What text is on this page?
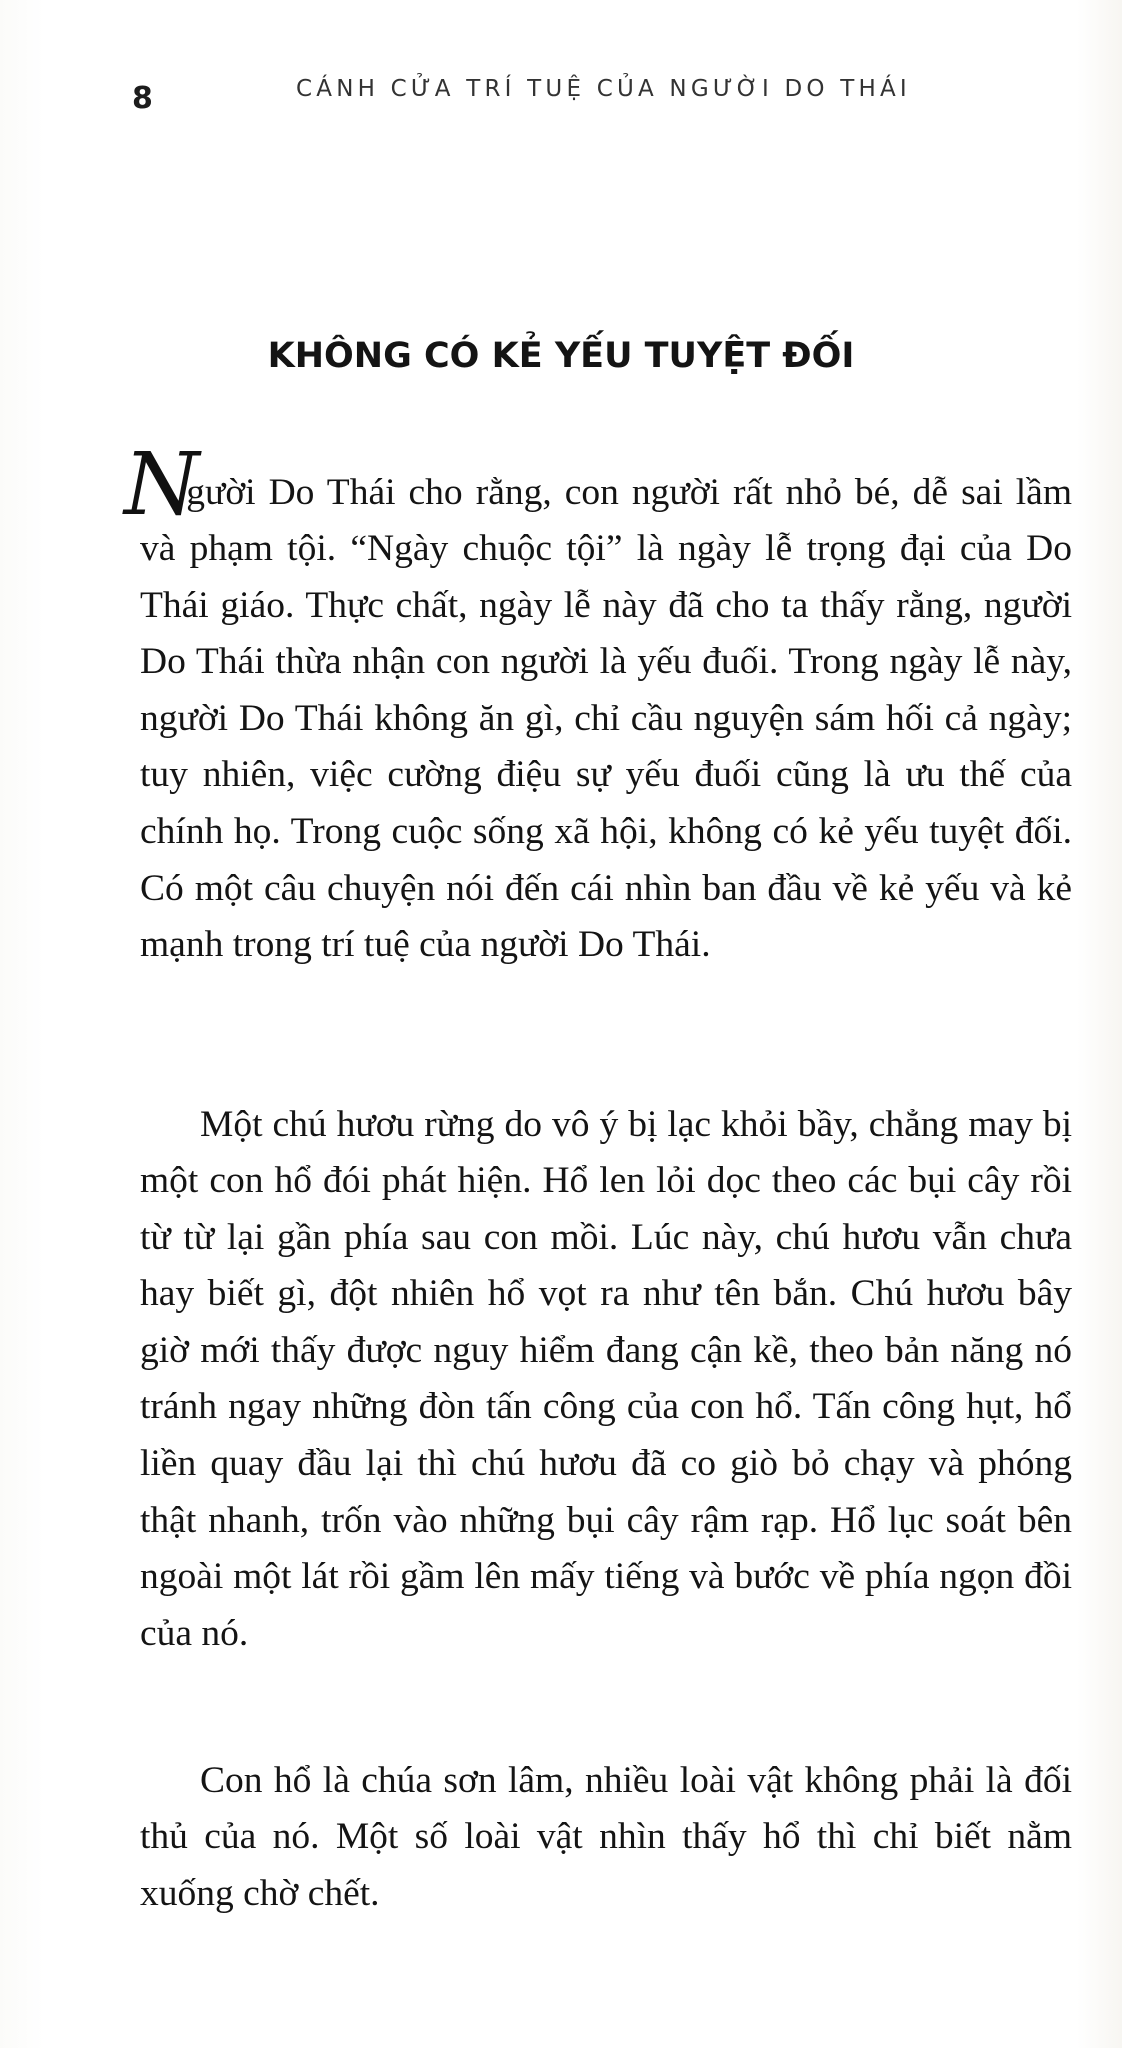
8	CÁNH CỬA TRÍ TUỆ CỦA NGƯỜI DO THÁI
KHÔNG CÓ KẺ YẾU TUYỆT ĐỐI

Người Do Thái cho rằng, con người rất nhỏ bé, dễ sai lầm và phạm tội. “Ngày chuộc tội” là ngày lễ trọng đại của Do Thái giáo. Thực chất, ngày lễ này đã cho ta thấy rằng, người Do Thái thừa nhận con người là yếu đuối. Trong ngày lễ này, người Do Thái không ăn gì, chỉ cầu nguyện sám hối cả ngày; tuy nhiên, việc cường điệu sự yếu đuối cũng là ưu thế của chính họ. Trong cuộc sống xã hội, không có kẻ yếu tuyệt đối. Có một câu chuyện nói đến cái nhìn ban đầu về kẻ yếu và kẻ mạnh trong trí tuệ của người Do Thái.

Một chú hươu rừng do vô ý bị lạc khỏi bầy, chẳng may bị một con hổ đói phát hiện. Hổ len lỏi dọc theo các bụi cây rồi từ từ lại gần phía sau con mồi. Lúc này, chú hươu vẫn chưa hay biết gì, đột nhiên hổ vọt ra như tên bắn. Chú hươu bây giờ mới thấy được nguy hiểm đang cận kề, theo bản năng nó tránh ngay những đòn tấn công của con hổ. Tấn công hụt, hổ liền quay đầu lại thì chú hươu đã co giò bỏ chạy và phóng thật nhanh, trốn vào những bụi cây rậm rạp. Hổ lục soát bên ngoài một lát rồi gầm lên mấy tiếng và bước về phía ngọn đồi của nó.

Con hổ là chúa sơn lâm, nhiều loài vật không phải là đối thủ của nó. Một số loài vật nhìn thấy hổ thì chỉ biết nằm xuống chờ chết.
